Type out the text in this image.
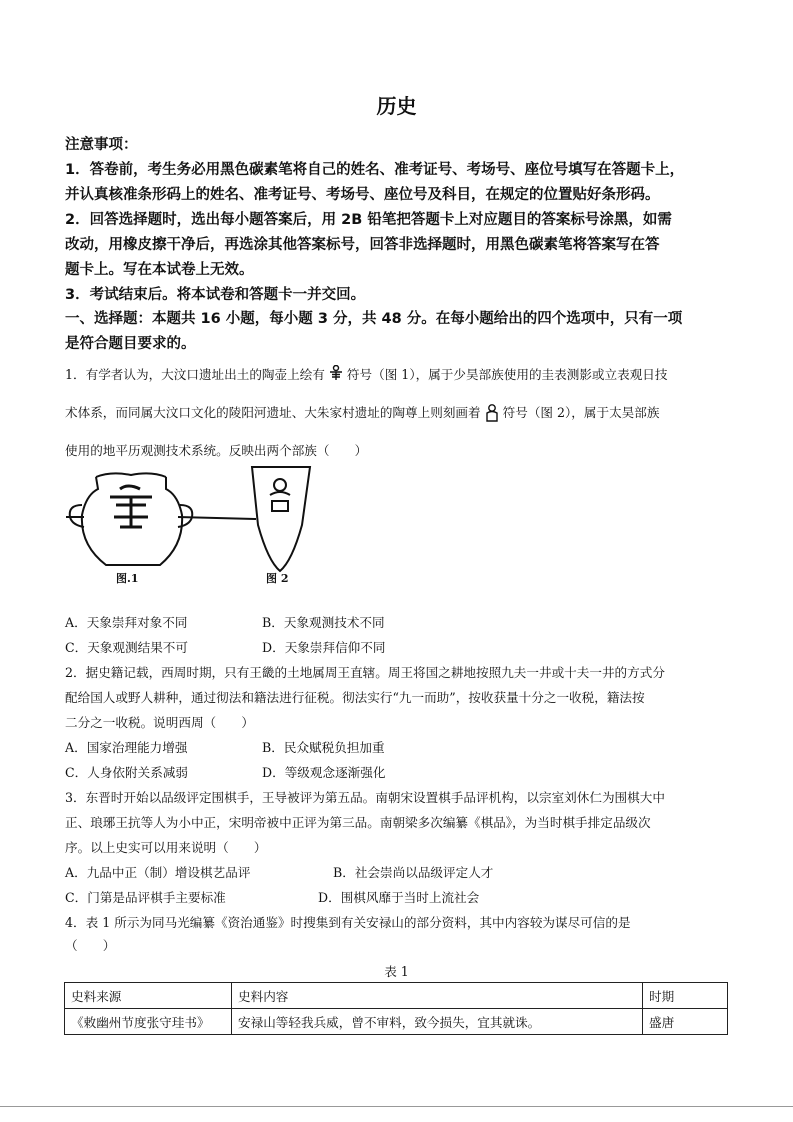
历史
注意事项：
1．答卷前，考生务必用黑色碳素笔将自己的姓名、准考证号、考场号、座位号填写在答题卡上，
并认真核准条形码上的姓名、准考证号、考场号、座位号及科目，在规定的位置贴好条形码。
2．回答选择题时，选出每小题答案后，用 2B 铅笔把答题卡上对应题目的答案标号涂黑，如需
改动，用橡皮擦干净后，再选涂其他答案标号，回答非选择题时，用黑色碳素笔将答案写在答
题卡上。写在本试卷上无效。
3．考试结束后。将本试卷和答题卡一并交回。
一、选择题：本题共 16 小题，每小题 3 分，共 48 分。在每小题给出的四个选项中，只有一项
是符合题目要求的。
1．有学者认为，大汶口遗址出土的陶壶上绘有 符号（图 1），属于少昊部族使用的圭表测影或立表观日技
术体系，而同属大汶口文化的陵阳河遗址、大朱家村遗址的陶尊上则刻画着 符号（图 2），属于太昊部族
使用的地平历观测技术系统。反映出两个部族（　　）
图.1	图 2
A．天象崇拜对象不同	B．天象观测技术不同
C．天象观测结果不可	D．天象崇拜信仰不同
2．据史籍记载，西周时期，只有王畿的土地属周王直辖。周王将国之耕地按照九夫一井或十夫一井的方式分
配给国人或野人耕种，通过彻法和籍法进行征税。彻法实行“九一而助”，按收获量十分之一收税，籍法按
二分之一收税。说明西周（　　）
A．国家治理能力增强	B．民众赋税负担加重
C．人身依附关系减弱	D．等级观念逐渐强化
3．东晋时开始以品级评定围棋手，王导被评为第五品。南朝宋设置棋手品评机构，以宗室刘休仁为围棋大中
正、琅琊王抗等人为小中正，宋明帝被中正评为第三品。南朝梁多次编纂《棋品》，为当时棋手排定品级次
序。以上史实可以用来说明（　　）
A．九品中正（制）增设棋艺品评	B．社会崇尚以品级评定人才
C．门第是品评棋手主要标准	D．围棋风靡于当时上流社会
4．表 1 所示为同马光编纂《资治通鉴》时搜集到有关安禄山的部分资料，其中内容较为谋尽可信的是
（　　）
表 1
史料来源	史料内容	时期
《敕幽州节度张守珪书》	安禄山等轻我兵威，曾不审料，致今损失，宜其就诛。	盛唐
